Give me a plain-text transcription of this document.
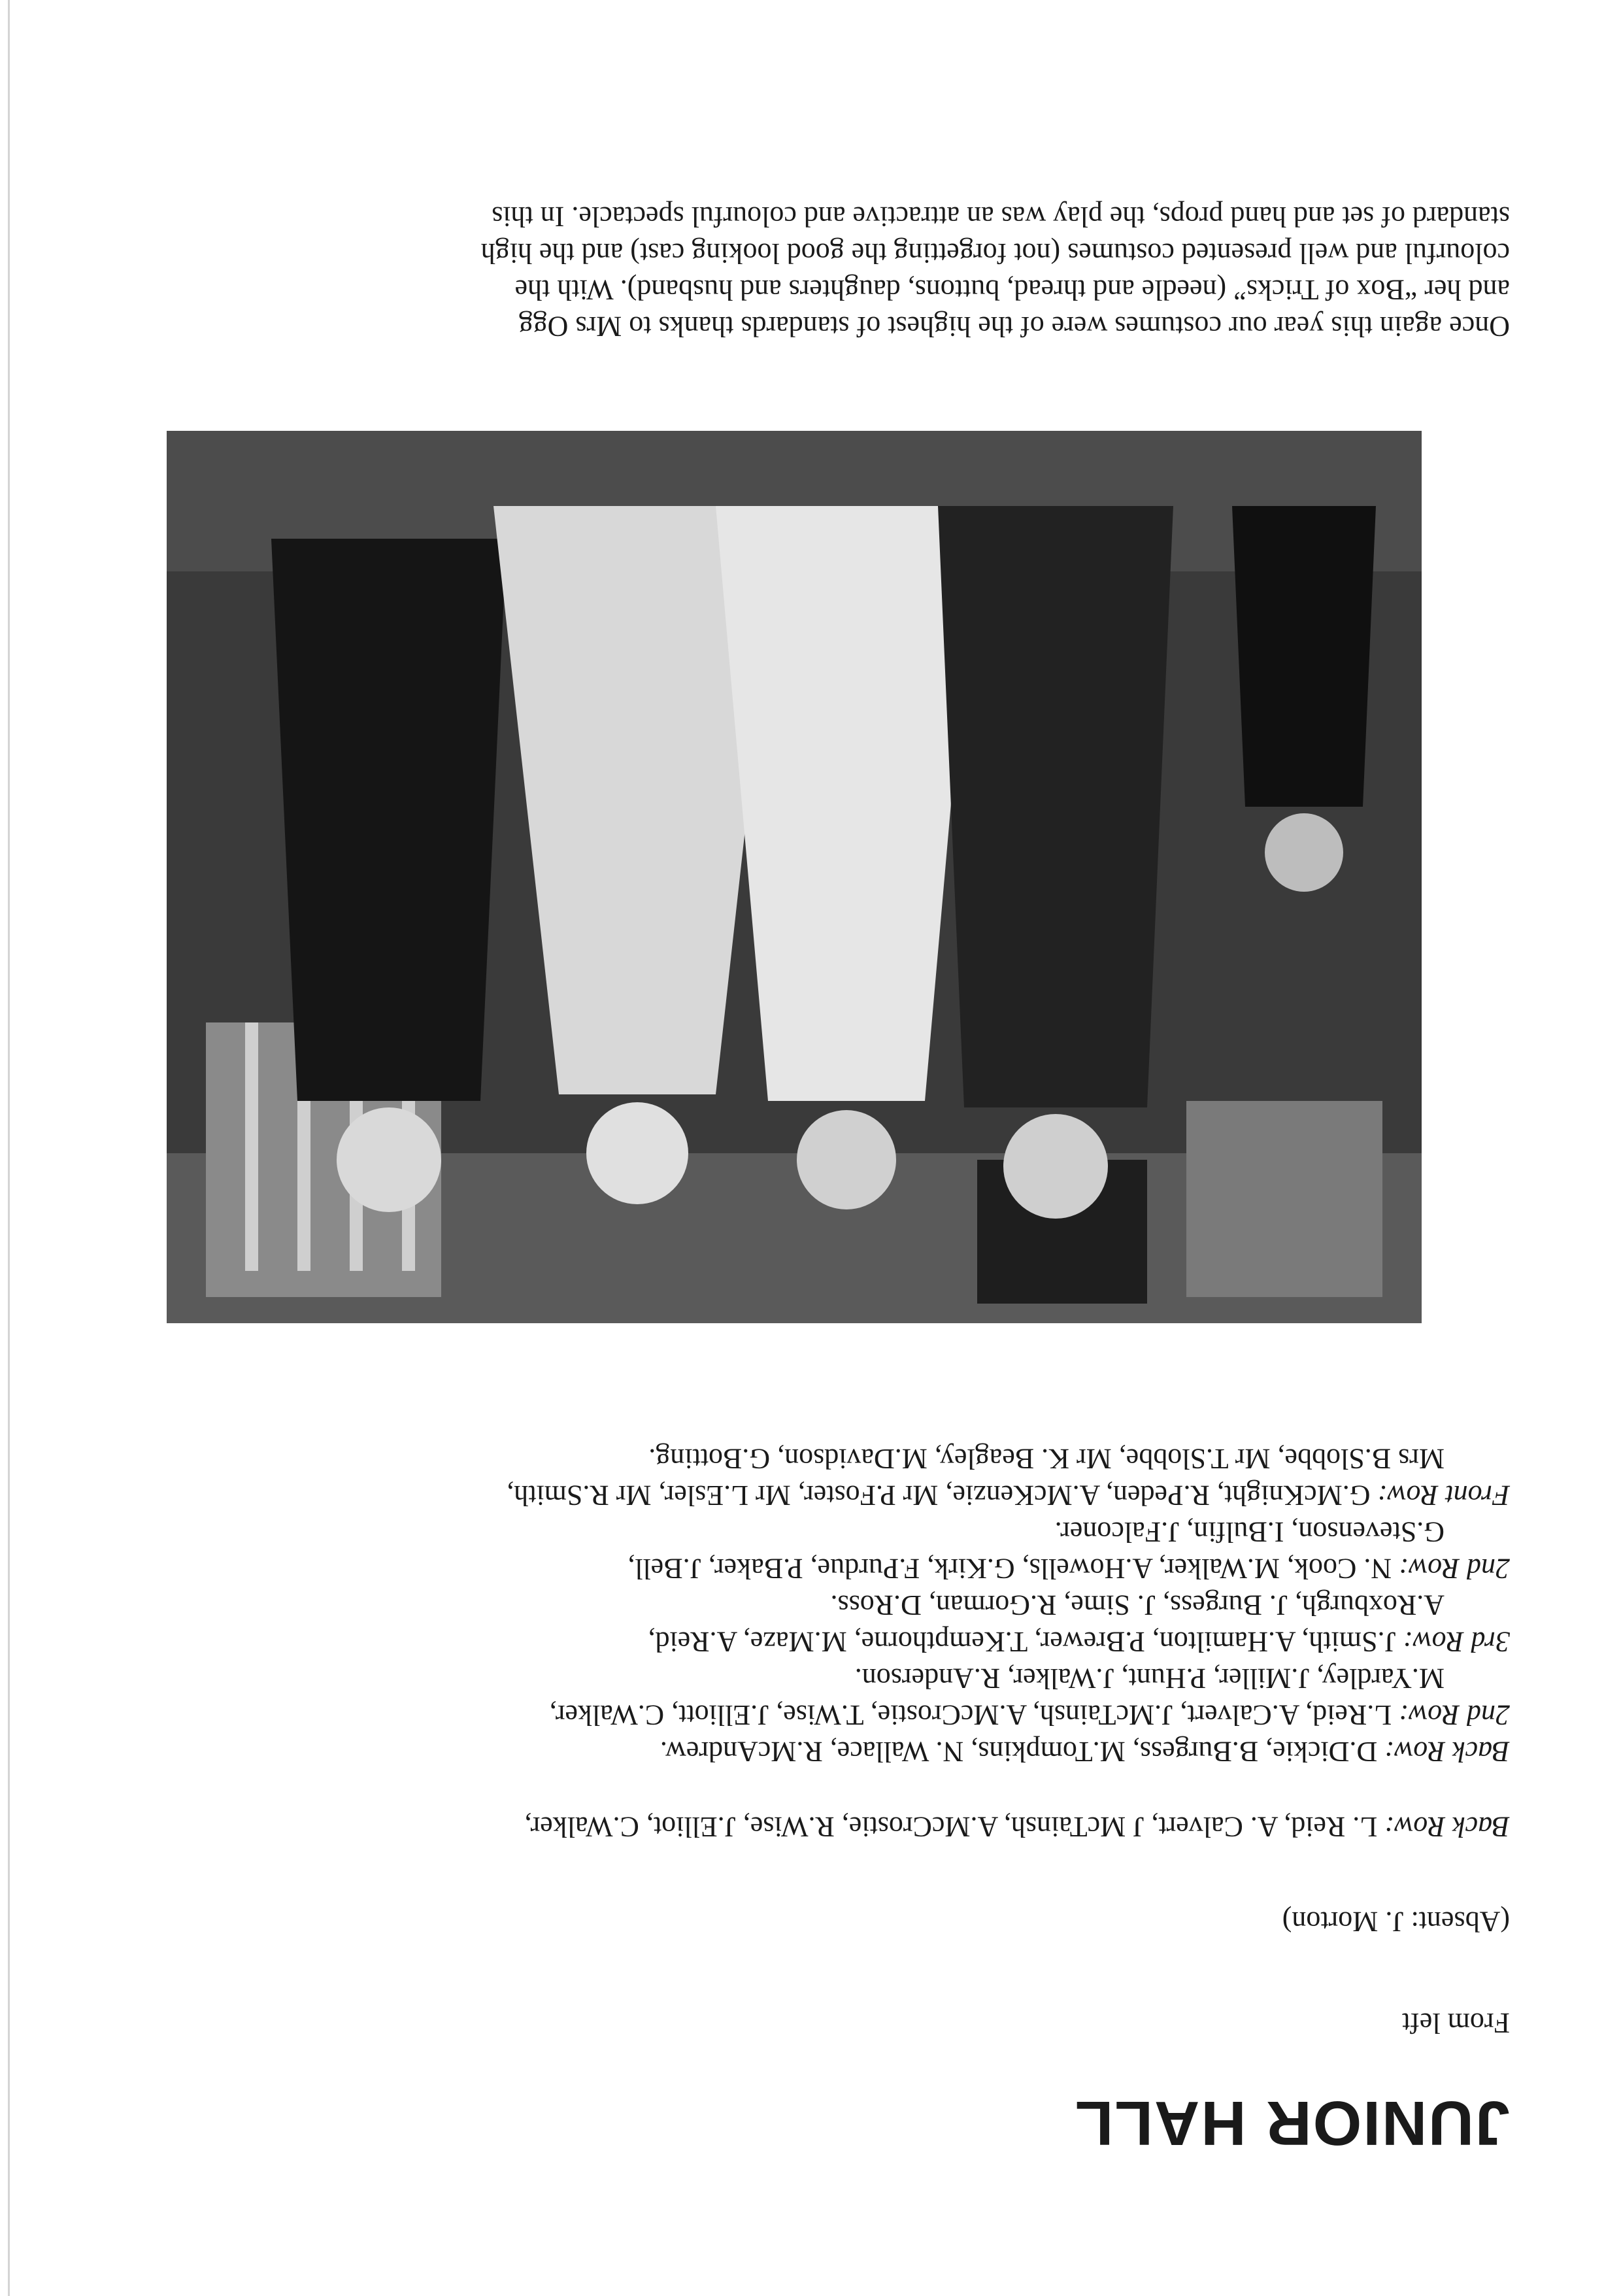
JUNIOR HALL
From left
(Absent: J. Morton)
Back Row: L. Reid, A. Calvert, J McTainsh, A.McCrostie, R.Wise, J.Elliot, C.Walker,

Back Row: D.Dickie, B.Burgess, M.Tompkins, N. Wallace, R.McAndrew.

2nd Row: L.Reid, A.Calvert, J.McTainsh, A.McCrostie, T.Wise, J.Elliott, C.Walker,

M.Yardley, J.Miller, P.Hunt, J.Walker, R.Anderson.

3rd Row: J.Smith, A.Hamilton, P.Brewer, T.Kempthorne, M.Maze, A.Reid,

A.Roxburgh, J. Burgess, J. Sime, R.Gorman, D.Ross.

2nd Row: N. Cook, M.Walker, A.Howells, G.Kirk, F.Purdue, P.Baker, J.Bell,

G.Stevenson, I.Bulfin, J.Falconer.

Front Row: G.McKnight, R.Peden, A.McKenzie, Mr P.Foster, Mr L.Esler, Mr R.Smith,

Mrs B.Slobbe, Mr T.Slobbe, Mr K. Beagley, M.Davidson, G.Botting.

Once again this year our costumes were of the highest of standards thanks to Mrs Ogg

and her “Box of Tricks” (needle and thread, buttons, daughters and husband). With the

colourful and well presented costumes (not forgetting the good looking cast) and the high

standard of set and hand props, the play was an attractive and colourful spectacle. In this
